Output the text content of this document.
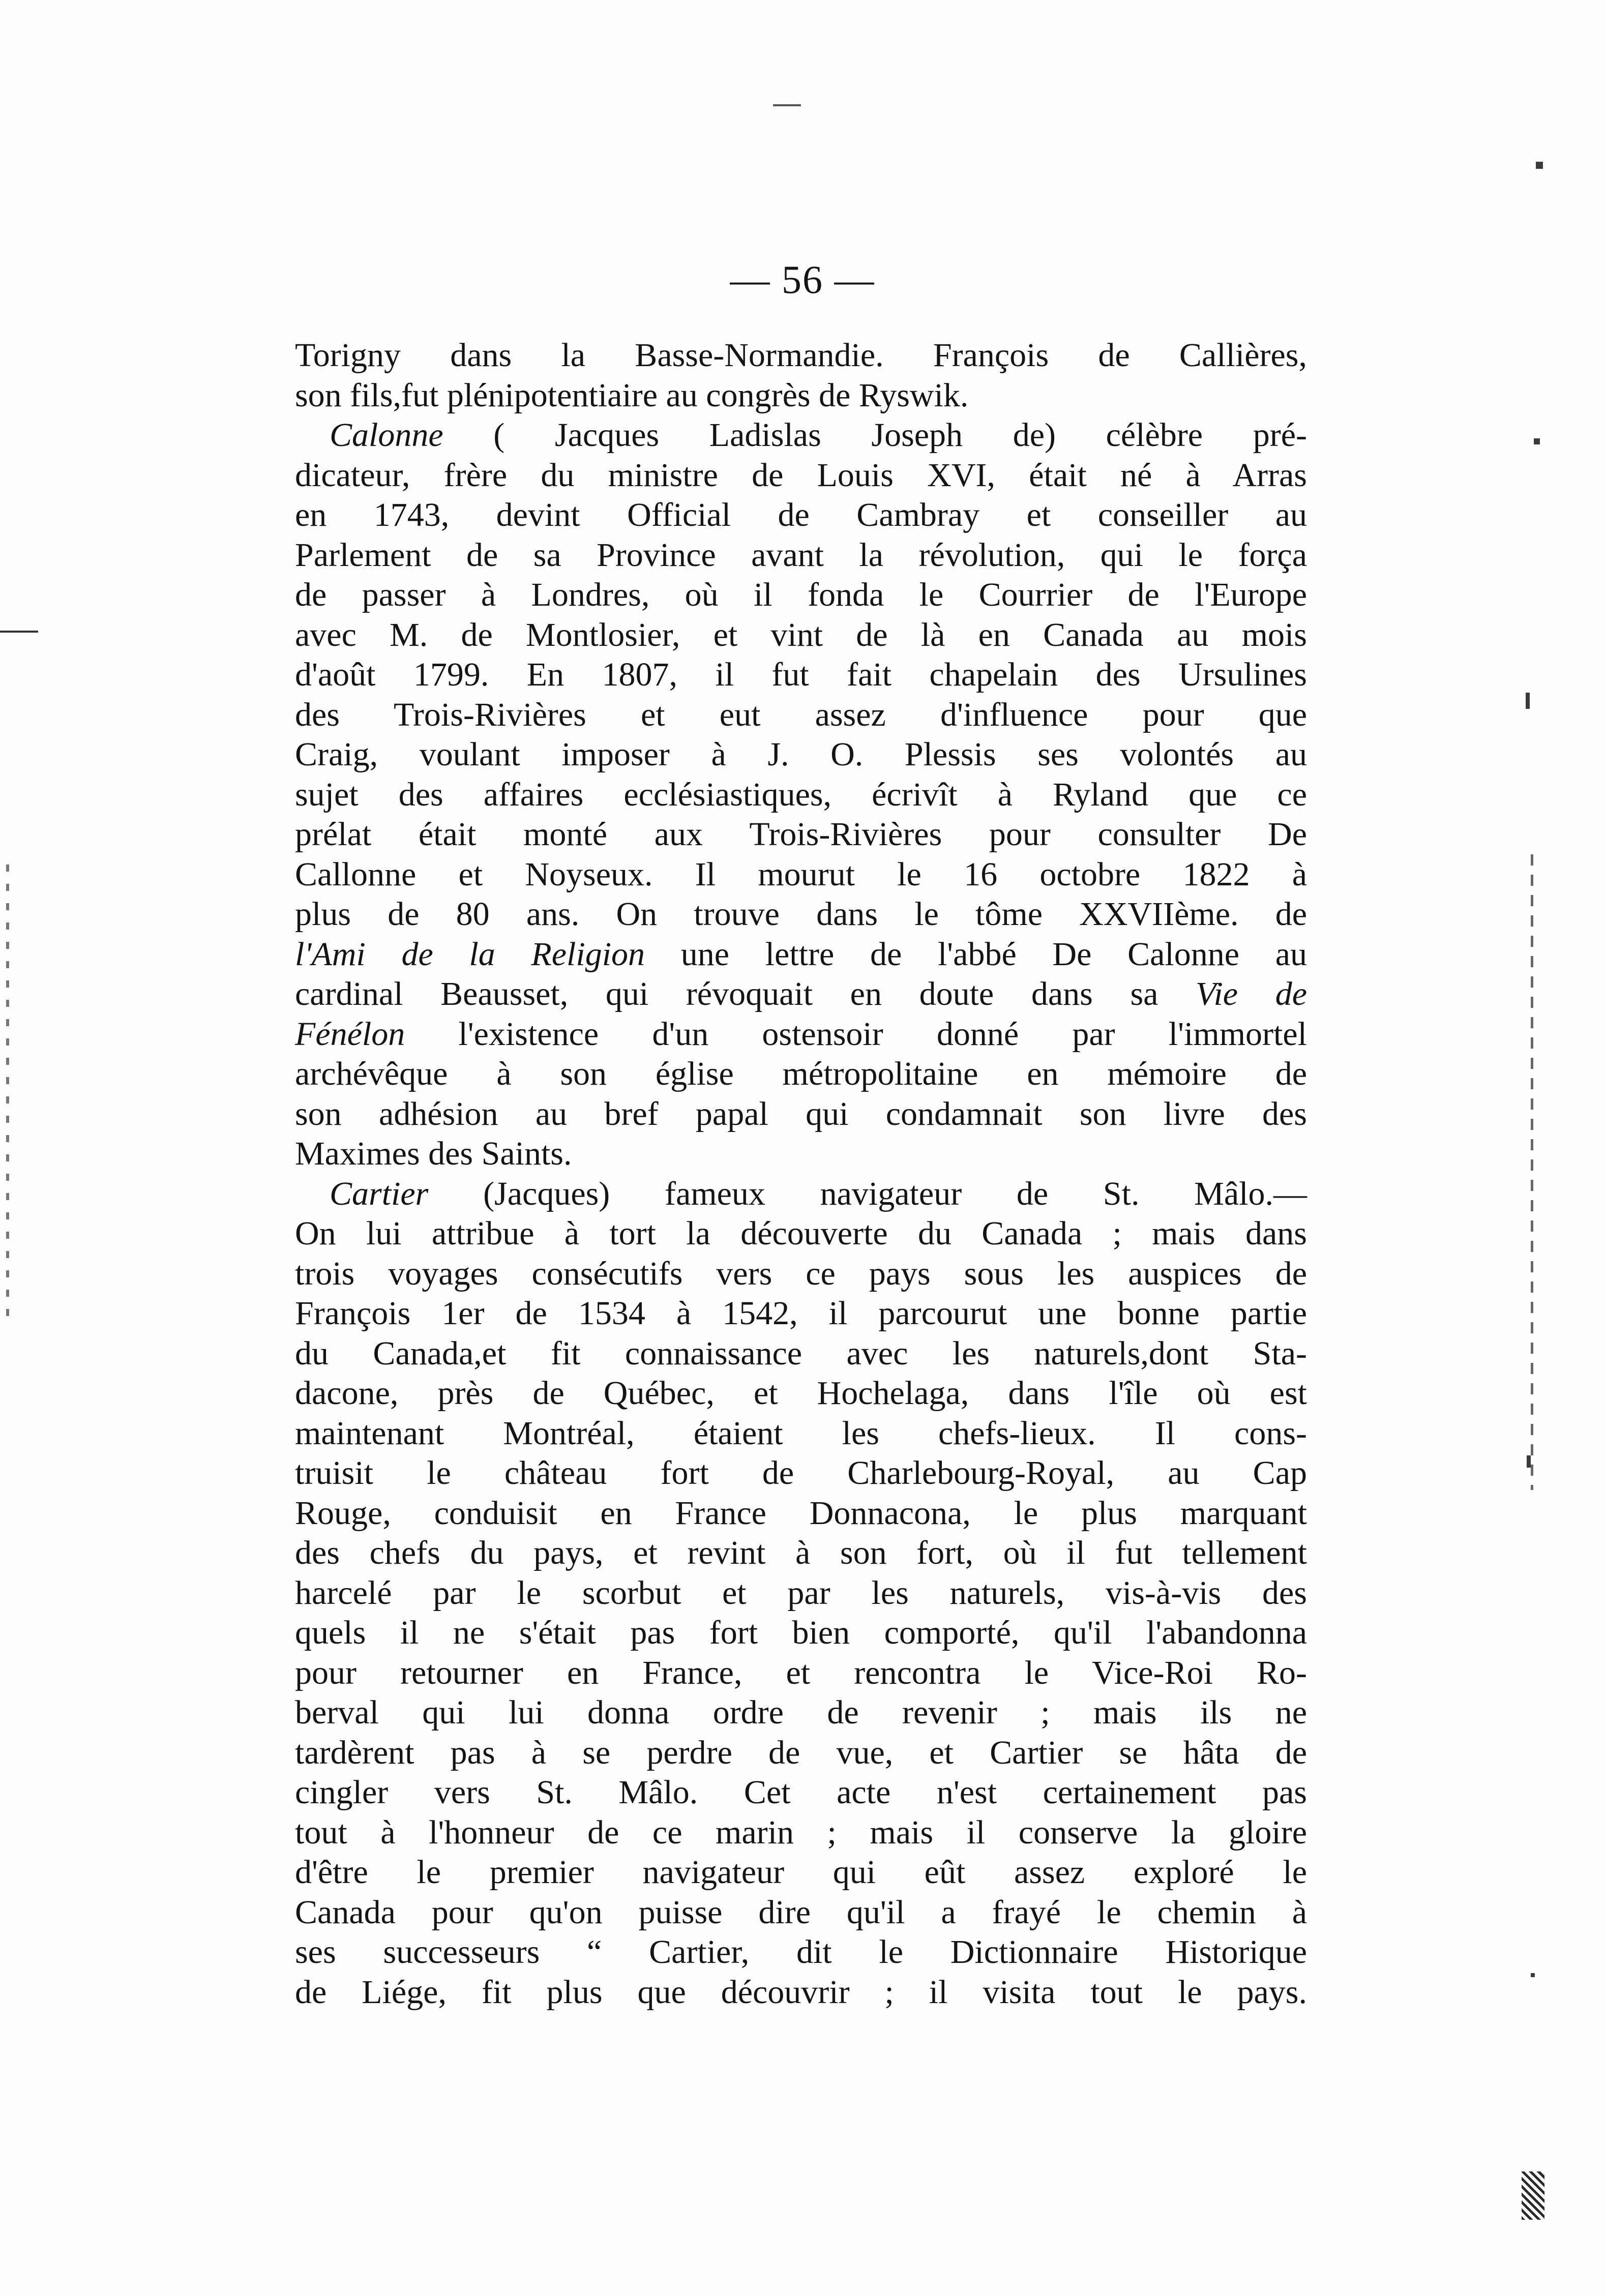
— 56 —
Torigny dans la Basse-Normandie. François de Callières,
son fils,fut plénipotentiaire au congrès de Ryswik.
Calonne ( Jacques Ladislas Joseph de) célèbre pré-
dicateur, frère du ministre de Louis XVI, était né à Arras
en 1743, devint Official de Cambray et conseiller au
Parlement de sa Province avant la révolution, qui le força
de passer à Londres, où il fonda le Courrier de l'Europe
avec M. de Montlosier, et vint de là en Canada au mois
d'août 1799. En 1807, il fut fait chapelain des Ursulines
des Trois-Rivières et eut assez d'influence pour que
Craig, voulant imposer à J. O. Plessis ses volontés au
sujet des affaires ecclésiastiques, écrivît à Ryland que ce
prélat était monté aux Trois-Rivières pour consulter De
Callonne et Noyseux. Il mourut le 16 octobre 1822 à
plus de 80 ans. On trouve dans le tôme XXVIIème. de
l'Ami de la Religion une lettre de l'abbé De Calonne au
cardinal Beausset, qui révoquait en doute dans sa Vie de
Fénélon l'existence d'un ostensoir donné par l'immortel
archévêque à son église métropolitaine en mémoire de
son adhésion au bref papal qui condamnait son livre des
Maximes des Saints.
Cartier (Jacques) fameux navigateur de St. Mâlo.—
On lui attribue à tort la découverte du Canada ; mais dans
trois voyages consécutifs vers ce pays sous les auspices de
François 1er de 1534 à 1542, il parcourut une bonne partie
du Canada,et fit connaissance avec les naturels,dont Sta-
dacone, près de Québec, et Hochelaga, dans l'île où est
maintenant Montréal, étaient les chefs-lieux. Il cons-
truisit le château fort de Charlebourg-Royal, au Cap
Rouge, conduisit en France Donnacona, le plus marquant
des chefs du pays, et revint à son fort, où il fut tellement
harcelé par le scorbut et par les naturels, vis-à-vis des
quels il ne s'était pas fort bien comporté, qu'il l'abandonna
pour retourner en France, et rencontra le Vice-Roi Ro-
berval qui lui donna ordre de revenir ; mais ils ne
tardèrent pas à se perdre de vue, et Cartier se hâta de
cingler vers St. Mâlo. Cet acte n'est certainement pas
tout à l'honneur de ce marin ; mais il conserve la gloire
d'être le premier navigateur qui eût assez exploré le
Canada pour qu'on puisse dire qu'il a frayé le chemin à
ses successeurs “ Cartier, dit le Dictionnaire Historique
de Liége, fit plus que découvrir ; il visita tout le pays.
